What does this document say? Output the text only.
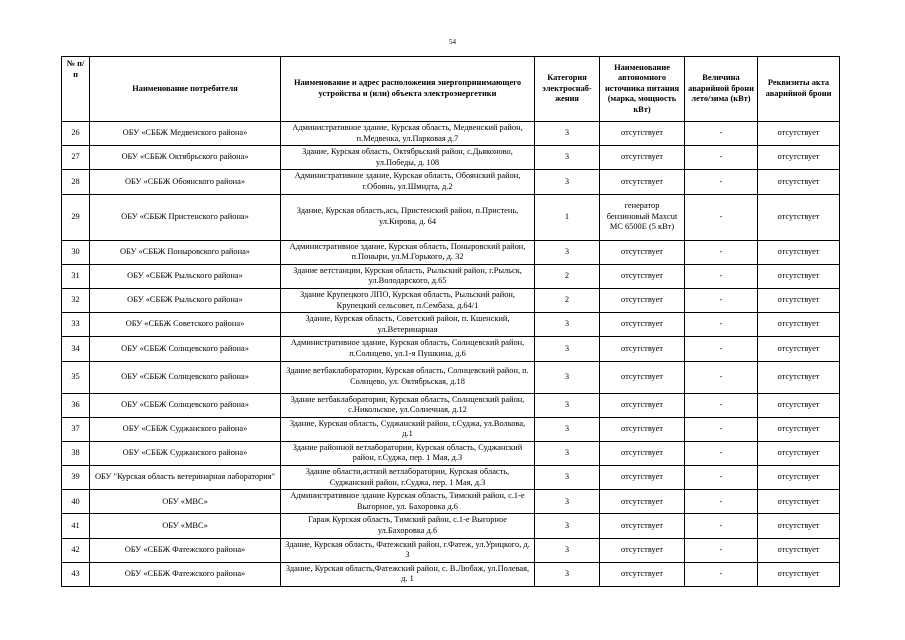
54
№ п/п	Наименование потребителя	Наименование и адрес расположения энергопринимающего устройства и (или) объекта электроэнергетики	Категория электроснаб-жения	Наименование автономного источника питания (марка, мощность кВт)	Величина аварийной брони лето/зима (кВт)	Реквизиты акта аварийной брони
26	ОБУ «СББЖ Медвенского района»	Административное здание, Курская область, Медвенский район, п.Медвенка, ул.Парковая д.7	3	отсутствует	-	отсутствует
27	ОБУ «СББЖ Октябрьского района»	Здание, Курская область, Октябрьский район, с.Дьяконово, ул.Победы, д. 108	3	отсутствует	-	отсутствует
28	ОБУ «СББЖ Обоянского района»	Административное здание, Курская область, Обоянский район, г.Обоянь, ул.Шмидта, д.2	3	отсутствует	-	отсутствует
29	ОБУ «СББЖ Пристенского района»	Здание, Курская область,ась, Пристенский район, п.Пристень, ул.Кирова, д. 64	1	генератор бензиновый Maxcut MC 6500E (5 кВт)	-	отсутствует
30	ОБУ «СББЖ Поныровского района»	Административное здание, Курская область, Поныровский район, п.Поныри, ул.М.Горького, д. 32	3	отсутствует	-	отсутствует
31	ОБУ «СББЖ Рыльского района»	Здание ветстанции, Курская область, Рыльский район, г.Рыльск, ул.Володарского, д.65	2	отсутствует	-	отсутствует
32	ОБУ «СББЖ Рыльского района»	Здание Крупецкого ЛПО, Курская область, Рыльский район, Крупецкий сельсовет, п.Сембаза, д.64/1	2	отсутствует	-	отсутствует
33	ОБУ «СББЖ Советского района»	Здание, Курская область, Советский район, п. Кшенский, ул.Ветеринарная	3	отсутствует	-	отсутствует
34	ОБУ «СББЖ Солнцевского района»	Административное здание, Курская область, Солнцевский район, п.Солнцево, ул.1-я Пушкина, д.6	3	отсутствует	-	отсутствует
35	ОБУ «СББЖ Солнцевского района»	Здание ветбаклаборатории, Курская область, Солнцевский район, п. Солнцево, ул. Октябрьская, д.18	3	отсутствует	-	отсутствует
36	ОБУ «СББЖ Солнцевского района»	Здание ветбаклаборатории, Курская область, Солнцевский район, с.Никольское, ул.Солнечная, д.12	3	отсутствует	-	отсутствует
37	ОБУ «СББЖ Суджанского района»	Здание, Курская область, Суджанский район, г.Суджа, ул.Волкова, д.1	3	отсутствует	-	отсутствует
38	ОБУ «СББЖ Суджанского района»	Здание районной ветлаборатории, Курская область, Суджанский район, г.Суджа, пер. 1 Мая, д.3	3	отсутствует	-	отсутствует
39	ОБУ "Курская область ветеринарная лаборатория"	Здание области,астной ветлаборатории, Курская область, Суджанский район, г.Суджа, пер. 1 Мая, д.3	3	отсутствует	-	отсутствует
40	ОБУ «МВС»	Административное здание Курская область, Тимский район, с.1-е Выгорное, ул. Бахоровка д.6	3	отсутствует	-	отсутствует
41	ОБУ «МВС»	Гараж Курская область, Тимский район, с.1-е Выгорное ул.Бахоровка д.6	3	отсутствует	-	отсутствует
42	ОБУ «СББЖ Фатежского района»	Здание, Курская область, Фатежский район, г.Фатеж, ул.Урицкого, д. 3	3	отсутствует	-	отсутствует
43	ОБУ «СББЖ Фатежского района»	Здание, Курская область,Фатежский район, с. В.Любаж, ул.Полевая, д. 1	3	отсутствует	-	отсутствует
